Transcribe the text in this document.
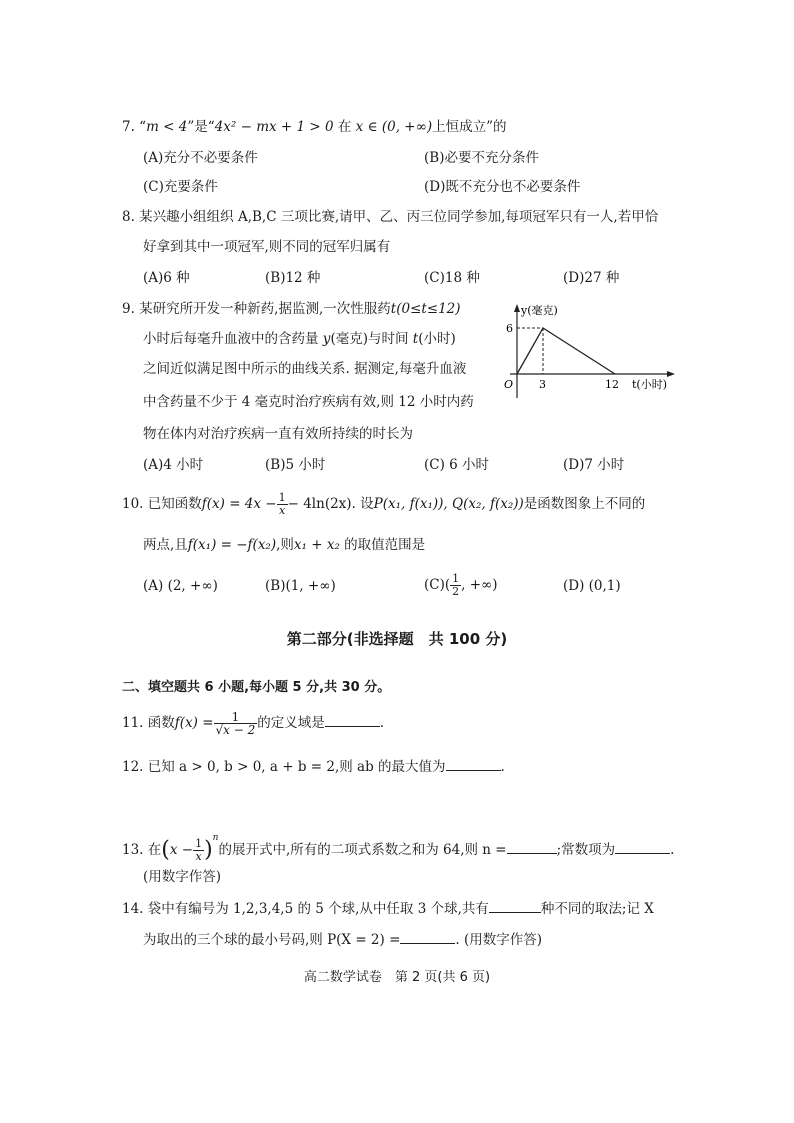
7. “m < 4”是“4x² − mx + 1 > 0 在 x ∈ (0, +∞)上恒成立”的
(A)充分不必要条件	(B)必要不充分条件
(C)充要条件	(D)既不充分也不必要条件
8. 某兴趣小组组织 A,B,C 三项比赛,请甲、乙、丙三位同学参加,每项冠军只有一人,若甲恰
好拿到其中一项冠军,则不同的冠军归属有
(A)6 种	(B)12 种	(C)18 种	(D)27 种
9. 某研究所开发一种新药,据监测,一次性服药t(0≤t≤12)
小时后每毫升血液中的含药量 y(毫克)与时间 t(小时)
之间近似满足图中所示的曲线关系. 据测定,每毫升血液
中含药量不少于 4 毫克时治疗疾病有效,则 12 小时内药
物在体内对治疗疾病一直有效所持续的时长为
(A)4 小时	(B)5 小时	(C) 6 小时	(D)7 小时
y(毫克)
6
O 3	12 t(小时)
10. 已知函数$f(x) = 4x - \frac{1}{x} - 4\ln(2x)$. 设P(x₁, f(x₁)), Q(x₂, f(x₂))是函数图象上不同的
两点,且f(x₁) = −f(x₂),则x₁ + x₂ 的取值范围是
(A) (2, +∞)	(B)(1, +∞)	$(C)( \frac{1}{2}$ , +∞)	(D) (0,1)
第二部分(非选择题　共 100 分)
二、填空题共 6 小题,每小题 5 分,共 30 分。
11. 函数$f(x) = \frac{1}{√x - 2}$ 的定义域是	.
12. 已知 a > 0, b > 0, a + b = 2,则 ab 的最大值为	.
13. 在$(x - \frac{1}{x} )^n$的展开式中,所有的二项式系数之和为 64,则 n =	;常数项为	.
(用数字作答)
14. 袋中有编号为 1,2,3,4,5 的 5 个球,从中任取 3 个球,共有	种不同的取法;记 X
为取出的三个球的最小号码,则 P(X = 2) =	. (用数字作答)
高二数学试卷　第 2 页(共 6 页)
